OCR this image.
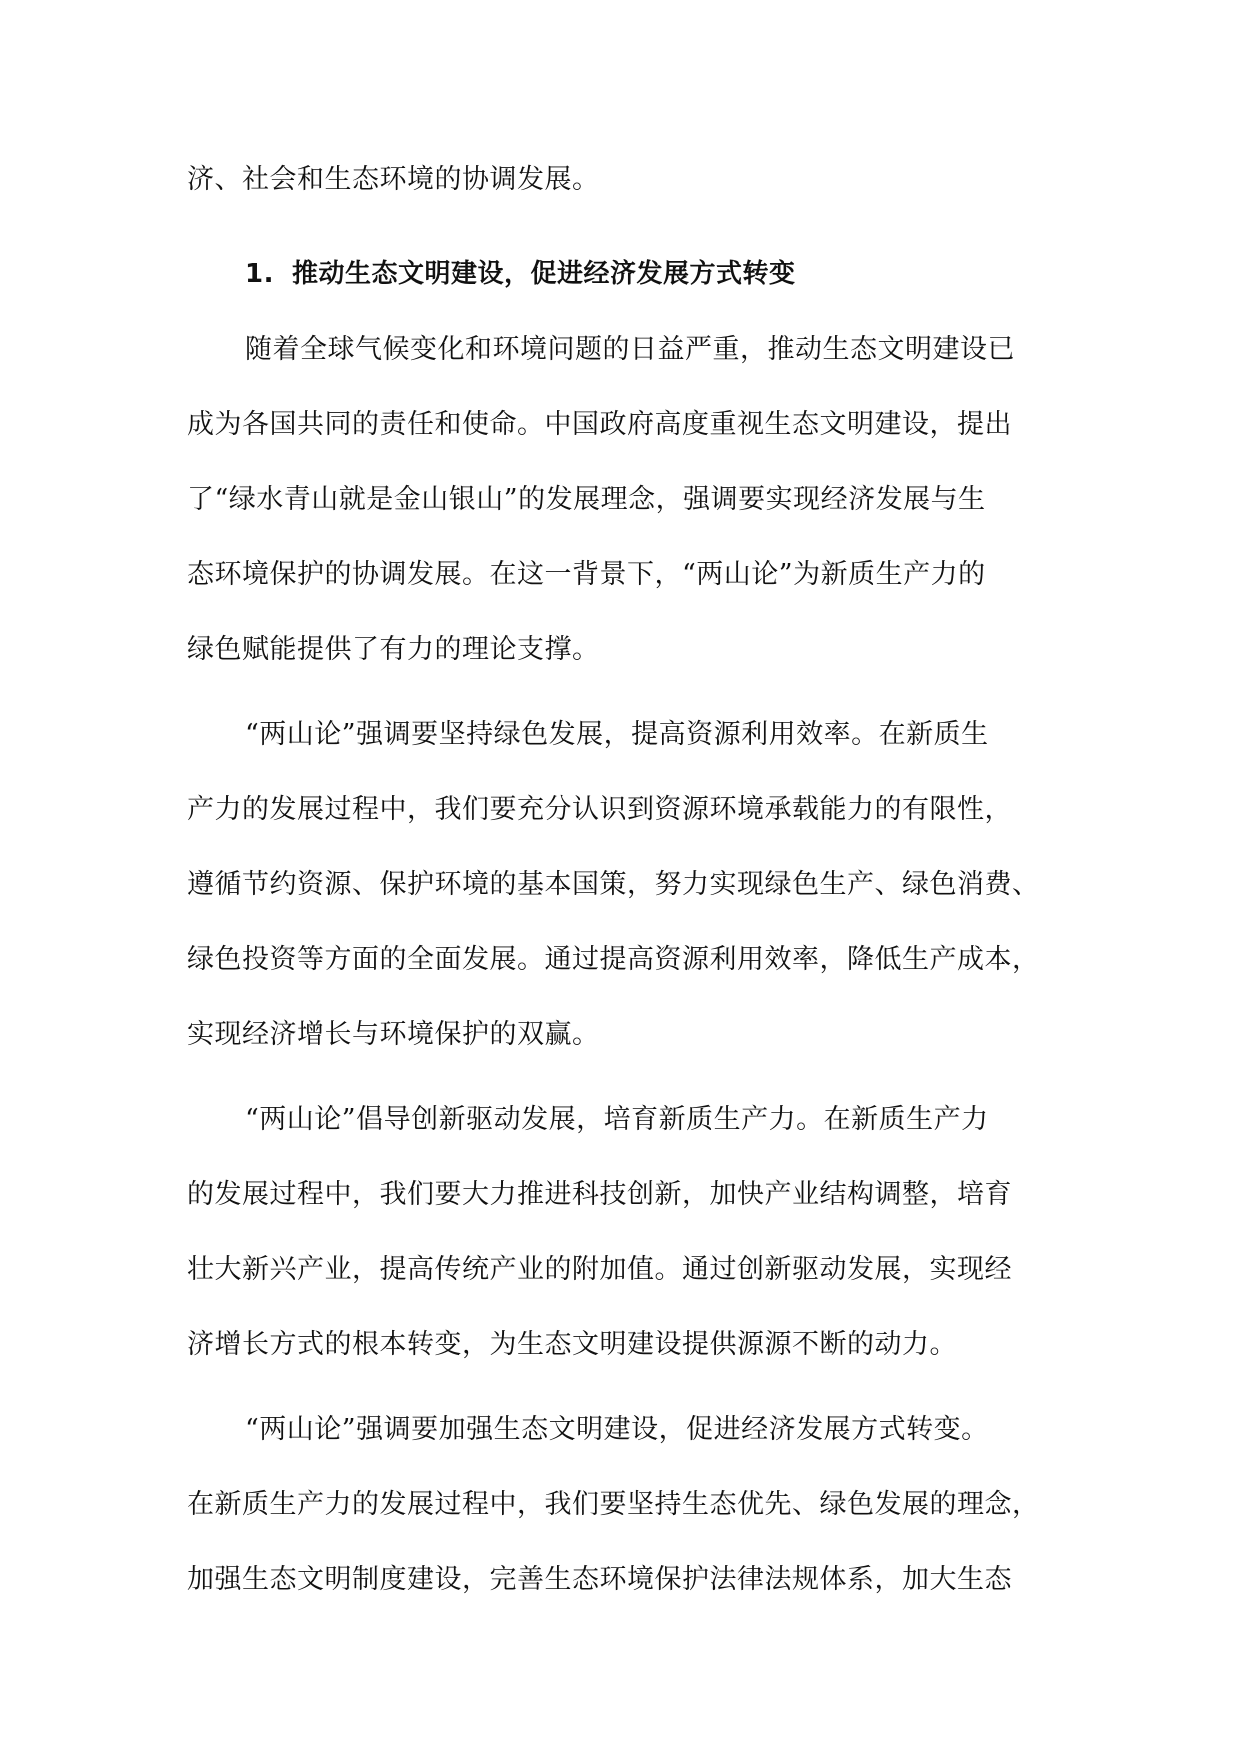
济、社会和生态环境的协调发展。
1. 推动生态文明建设，促进经济发展方式转变
随着全球气候变化和环境问题的日益严重，推动生态文明建设已
成为各国共同的责任和使命。中国政府高度重视生态文明建设，提出
了“绿水青山就是金山银山”的发展理念，强调要实现经济发展与生
态环境保护的协调发展。在这一背景下，“两山论”为新质生产力的
绿色赋能提供了有力的理论支撑。
“两山论”强调要坚持绿色发展，提高资源利用效率。在新质生
产力的发展过程中，我们要充分认识到资源环境承载能力的有限性，
遵循节约资源、保护环境的基本国策，努力实现绿色生产、绿色消费、
绿色投资等方面的全面发展。通过提高资源利用效率，降低生产成本，
实现经济增长与环境保护的双赢。
“两山论”倡导创新驱动发展，培育新质生产力。在新质生产力
的发展过程中，我们要大力推进科技创新，加快产业结构调整，培育
壮大新兴产业，提高传统产业的附加值。通过创新驱动发展，实现经
济增长方式的根本转变，为生态文明建设提供源源不断的动力。
“两山论”强调要加强生态文明建设，促进经济发展方式转变。
在新质生产力的发展过程中，我们要坚持生态优先、绿色发展的理念，
加强生态文明制度建设，完善生态环境保护法律法规体系，加大生态
